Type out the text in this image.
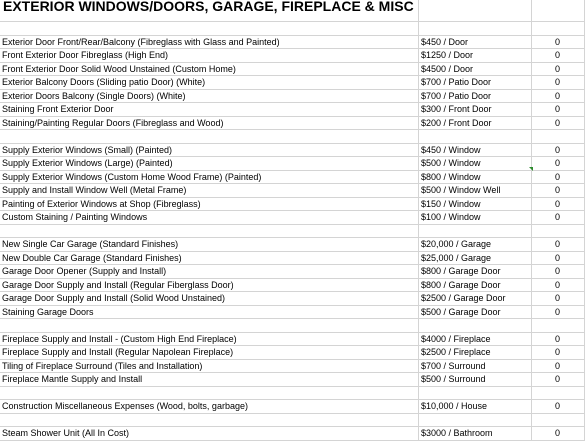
EXTERIOR WINDOWS/DOORS, GARAGE, FIREPLACE & MISC
Exterior Door Front/Rear/Balcony (Fibreglass with Glass and Painted)	$450 / Door	0
Front Exterior Door Fibreglass (High End)	$1250 / Door	0
Front Exterior Door Solid Wood Unstained (Custom Home)	$4500 / Door	0
Exterior Balcony Doors (Sliding patio Door) (White)	$700 / Patio Door	0
Exterior Doors Balcony (Single Doors) (White)	$700 / Patio Door	0
Staining Front Exterior Door	$300 / Front Door	0
Staining/Painting Regular Doors (Fibreglass and Wood)	$200 / Front Door	0
Supply Exterior Windows (Small) (Painted)	$450 / Window	0
Supply Exterior Windows (Large) (Painted)	$500 / Window	0
Supply Exterior Windows (Custom Home Wood Frame) (Painted)	$800 / Window	0
Supply and Install Window Well (Metal Frame)	$500 / Window Well	0
Painting of Exterior Windows at Shop (Fibreglass)	$150 / Window	0
Custom Staining / Painting Windows	$100 / Window	0
New Single Car Garage (Standard Finishes)	$20,000 / Garage	0
New Double Car Garage (Standard Finishes)	$25,000 / Garage	0
Garage Door Opener (Supply and Install)	$800 / Garage Door	0
Garage Door Supply and Install (Regular Fiberglass Door)	$800 / Garage Door	0
Garage Door Supply and Install (Solid Wood Unstained)	$2500 / Garage Door	0
Staining Garage Doors	$500 / Garage Door	0
Fireplace Supply and Install - (Custom High End Fireplace)	$4000 / Fireplace	0
Fireplace Supply and Install (Regular Napolean Fireplace)	$2500 / Fireplace	0
Tiling of Fireplace Surround (Tiles and Installation)	$700 / Surround	0
Fireplace Mantle Supply and Install	$500 / Surround	0
Construction Miscellaneous Expenses (Wood, bolts, garbage)	$10,000 / House	0
Steam Shower Unit (All In Cost)	$3000 / Bathroom	0
